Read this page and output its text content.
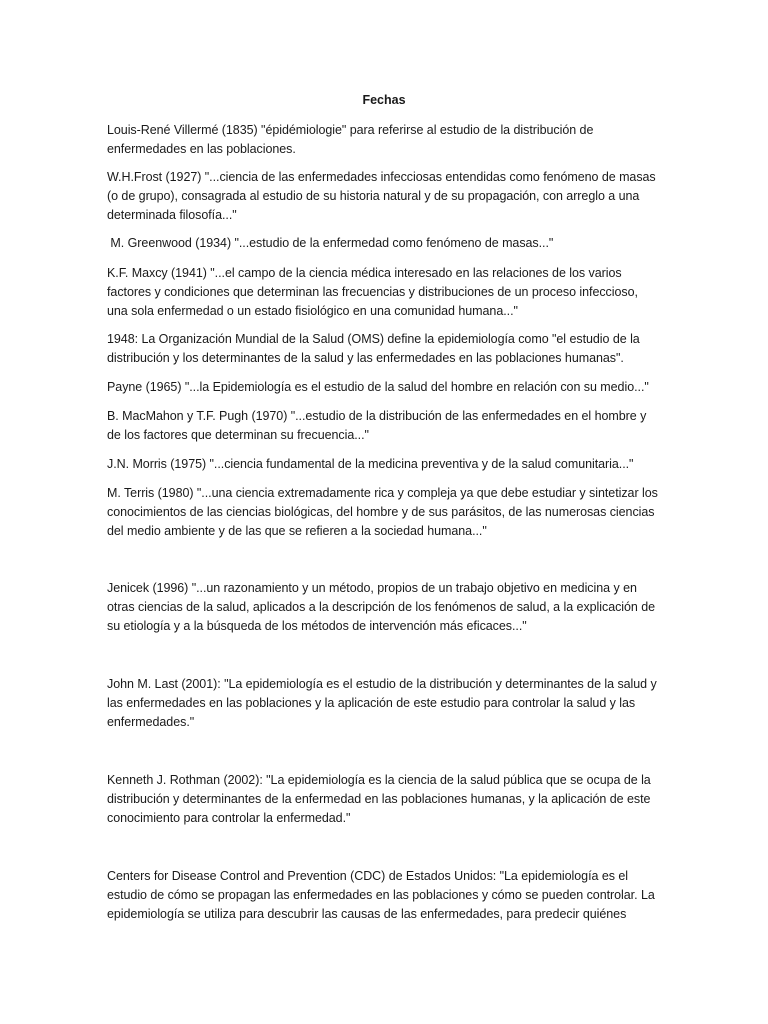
Fechas

Louis-René Villermé (1835) "épidémiologie" para referirse al estudio de la distribución de enfermedades en las poblaciones.

W.H.Frost (1927) "...ciencia de las enfermedades infecciosas entendidas como fenómeno de masas (o de grupo), consagrada al estudio de su historia natural y de su propagación, con arreglo a una determinada filosofía..."

M. Greenwood (1934) "...estudio de la enfermedad como fenómeno de masas..."

K.F. Maxcy (1941) "...el campo de la ciencia médica interesado en las relaciones de los varios factores y condiciones que determinan las frecuencias y distribuciones de un proceso infeccioso, una sola enfermedad o un estado fisiológico en una comunidad humana..."

1948: La Organización Mundial de la Salud (OMS) define la epidemiología como "el estudio de la distribución y los determinantes de la salud y las enfermedades en las poblaciones humanas".

Payne (1965) "...la Epidemiología es el estudio de la salud del hombre en relación con su medio..."

B. MacMahon y T.F. Pugh (1970) "...estudio de la distribución de las enfermedades en el hombre y de los factores que determinan su frecuencia..."

J.N. Morris (1975) "...ciencia fundamental de la medicina preventiva y de la salud comunitaria..."

M. Terris (1980) "...una ciencia extremadamente rica y compleja ya que debe estudiar y sintetizar los conocimientos de las ciencias biológicas, del hombre y de sus parásitos, de las numerosas ciencias del medio ambiente y de las que se refieren a la sociedad humana..."

Jenicek (1996) "...un razonamiento y un método, propios de un trabajo objetivo en medicina y en otras ciencias de la salud, aplicados a la descripción de los fenómenos de salud, a la explicación de su etiología y a la búsqueda de los métodos de intervención más eficaces..."

John M. Last (2001): "La epidemiología es el estudio de la distribución y determinantes de la salud y las enfermedades en las poblaciones y la aplicación de este estudio para controlar la salud y las enfermedades."

Kenneth J. Rothman (2002): "La epidemiología es la ciencia de la salud pública que se ocupa de la distribución y determinantes de la enfermedad en las poblaciones humanas, y la aplicación de este conocimiento para controlar la enfermedad."

Centers for Disease Control and Prevention (CDC) de Estados Unidos: "La epidemiología es el estudio de cómo se propagan las enfermedades en las poblaciones y cómo se pueden controlar. La epidemiología se utiliza para descubrir las causas de las enfermedades, para predecir quiénes
